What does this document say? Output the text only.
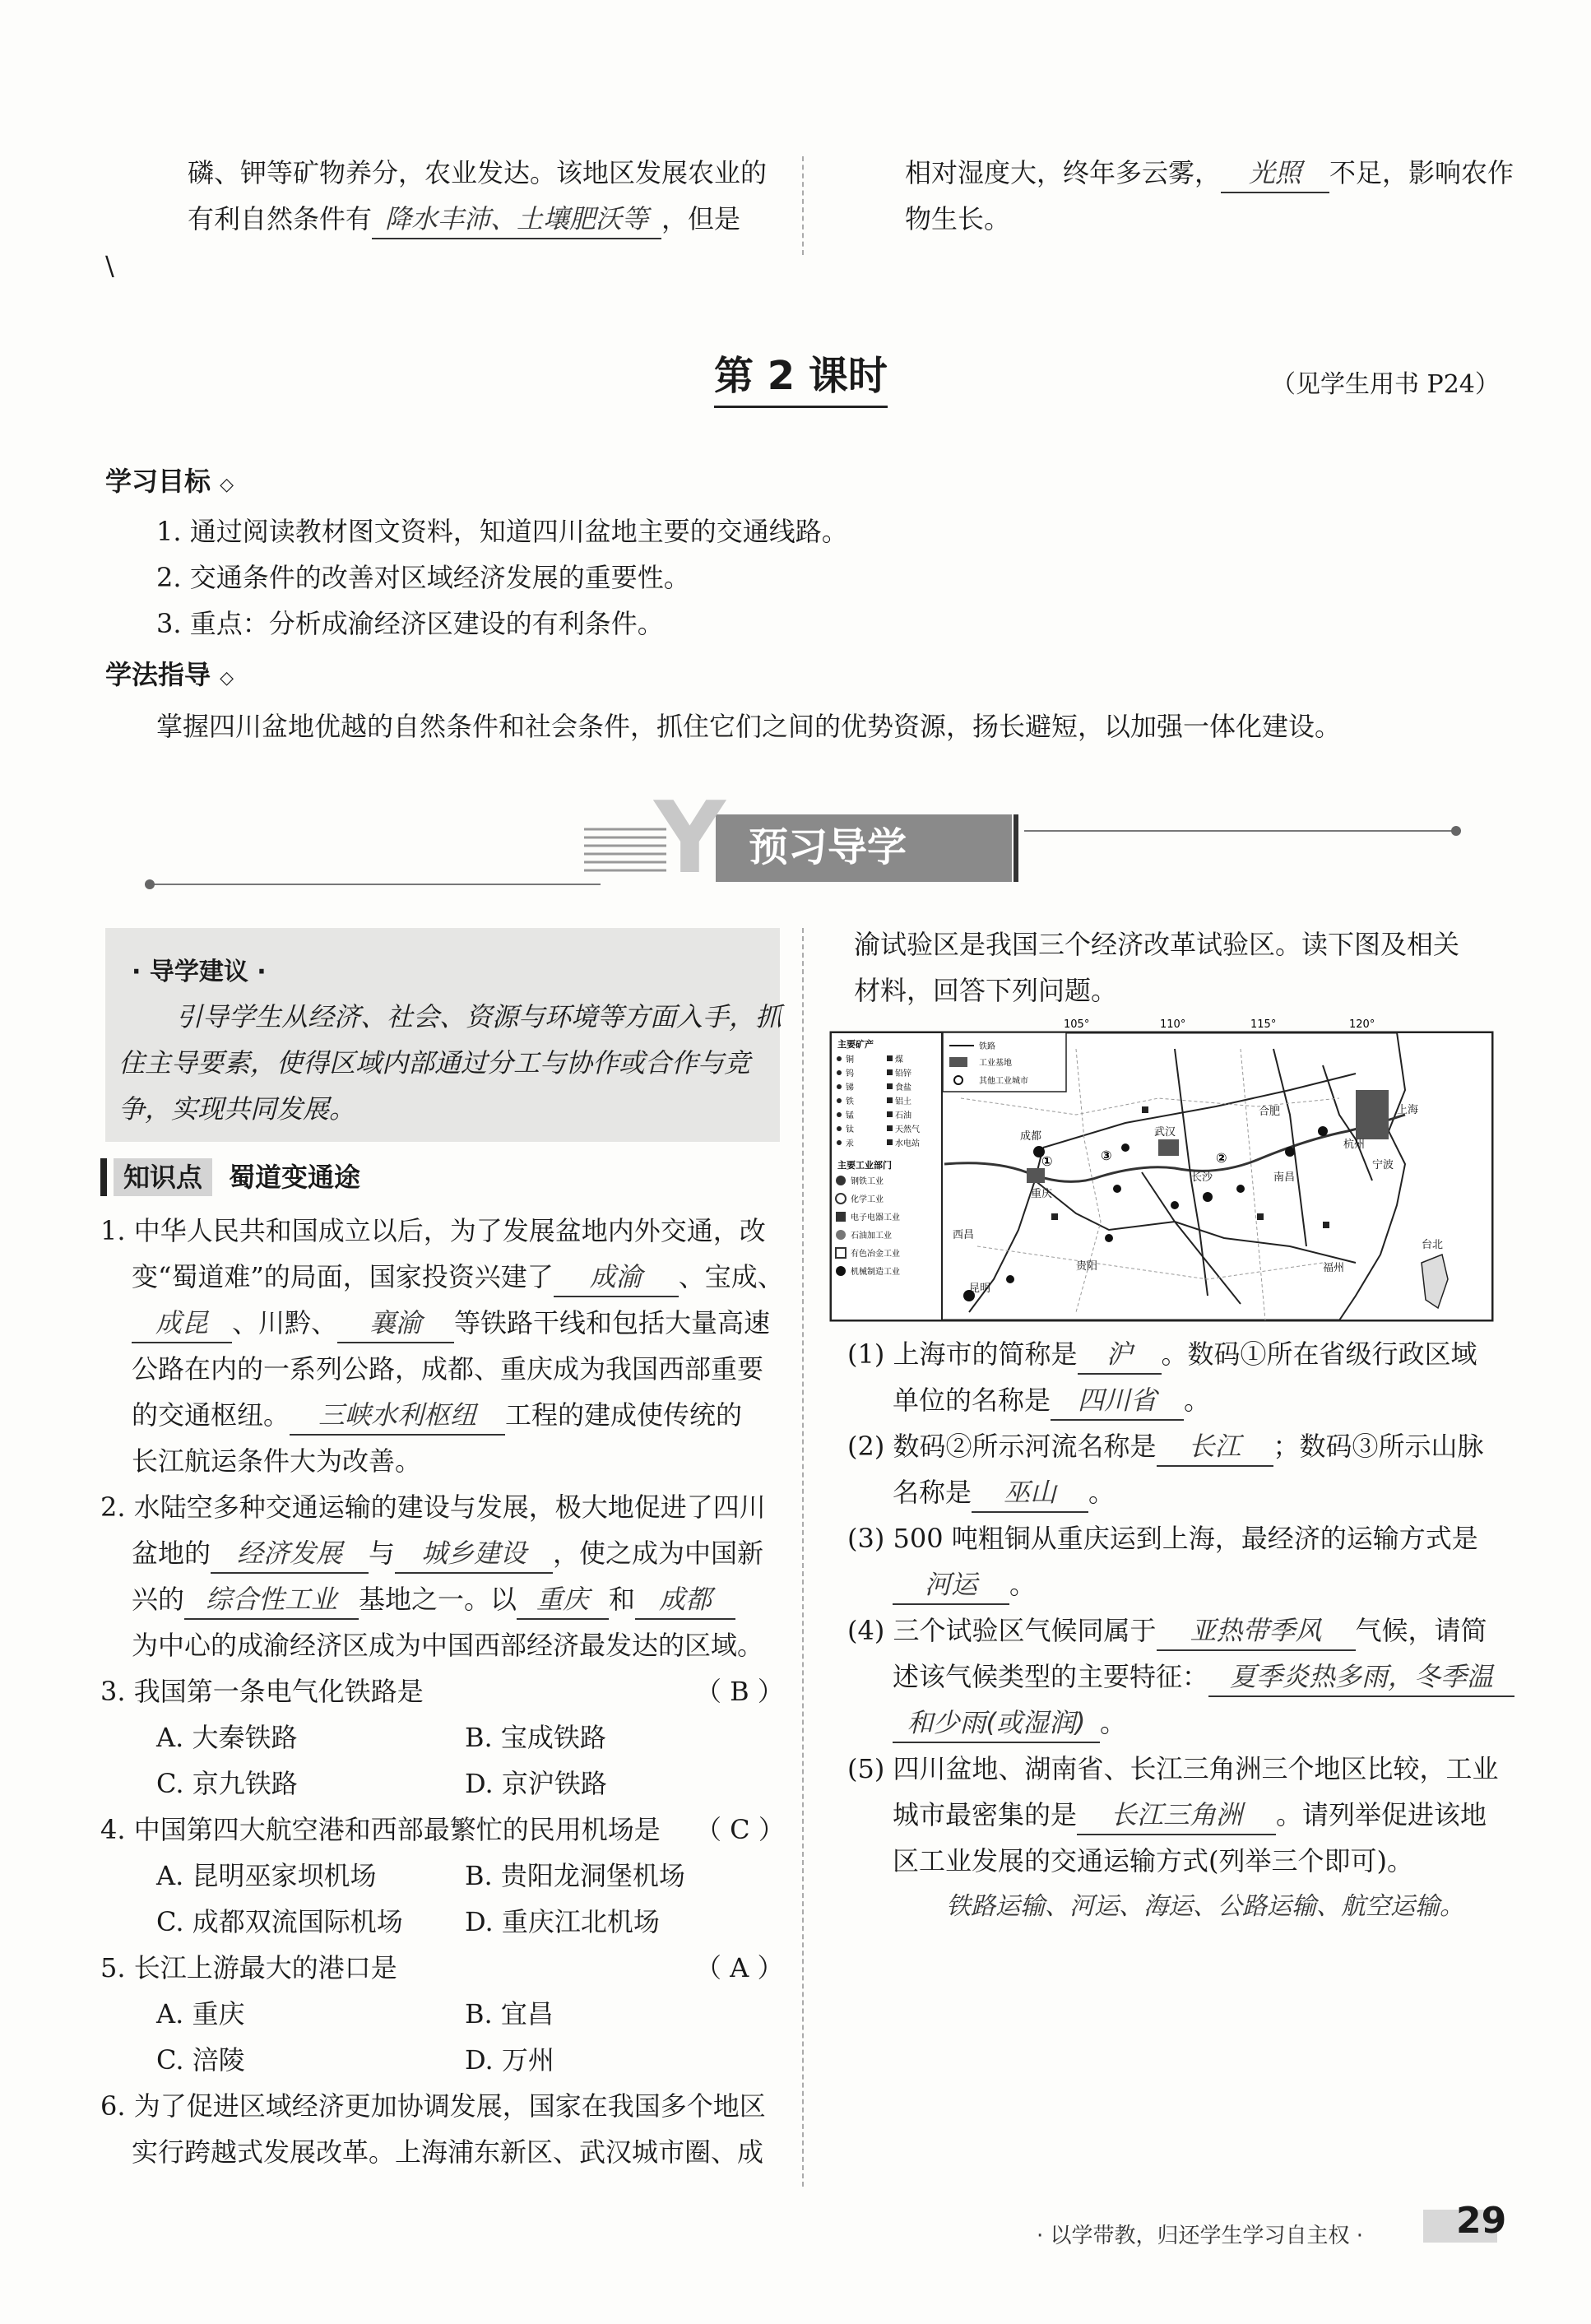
磷、钾等矿物养分，农业发达。该地区发展农业的
有利自然条件有 降水丰沛、土壤肥沃等 ，但是
\
相对湿度大，终年多云雾， 光照 不足，影响农作
物生长。
第 2 课时	（见学生用书 P24）
学习目标 ◇
1. 通过阅读教材图文资料，知道四川盆地主要的交通线路。
2. 交通条件的改善对区域经济发展的重要性。
3. 重点：分析成渝经济区建设的有利条件。
学法指导 ◇
掌握四川盆地优越的自然条件和社会条件，抓住它们之间的优势资源，扬长避短，以加强一体化建设。
Y 预习导学
· 导学建议 ·
引导学生从经济、社会、资源与环境等方面入手，抓
住主导要素，使得区域内部通过分工与协作或合作与竞
争，实现共同发展。
知识点 蜀道变通途
1. 中华人民共和国成立以后，为了发展盆地内外交通，改
变“蜀道难”的局面，国家投资兴建了 成渝 、宝成、
成昆 、川黔、 襄渝 等铁路干线和包括大量高速
公路在内的一系列公路，成都、重庆成为我国西部重要
的交通枢纽。 三峡水利枢纽 工程的建成使传统的
长江航运条件大为改善。
2. 水陆空多种交通运输的建设与发展，极大地促进了四川
盆地的 经济发展 与 城乡建设 ，使之成为中国新
兴的 综合性工业 基地之一。以 重庆 和 成都
为中心的成渝经济区成为中国西部经济最发达的区域。
3. 我国第一条电气化铁路是	（ B ）
A. 大秦铁路	B. 宝成铁路
C. 京九铁路	D. 京沪铁路
4. 中国第四大航空港和西部最繁忙的民用机场是 （ C ）
A. 昆明巫家坝机场	B. 贵阳龙洞堡机场
C. 成都双流国际机场 D. 重庆江北机场
5. 长江上游最大的港口是	（ A ）
A. 重庆	B. 宜昌
C. 涪陵	D. 万州
6. 为了促进区域经济更加协调发展，国家在我国多个地区
实行跨越式发展改革。上海浦东新区、武汉城市圈、成
渝试验区是我国三个经济改革试验区。读下图及相关
材料，回答下列问题。
105°	110°	115°	120°
主要矿产
铜	煤
钨	铅锌
锑	食盐
铁	铝土
锰	石油
钛	天然气
汞	水电站
主要工业部门
钢铁工业
化学工业
电子电器工业
石油加工业
有色冶金工业
机械制造工业
铁路
工业基地
其他工业城市
成都
重庆
武汉
合肥	上海
杭州
宁波
长沙	南昌
贵阳
昆明
福州
台北
西昌
①	②
③
(1) 上海市的简称是 沪 。数码①所在省级行政区域
单位的名称是 四川省 。
(2) 数码②所示河流名称是 长江 ；数码③所示山脉
名称是 巫山 。
(3) 500 吨粗铜从重庆运到上海，最经济的运输方式是
河运 。
(4) 三个试验区气候同属于 亚热带季风 气候，请简
述该气候类型的主要特征： 夏季炎热多雨，冬季温
和少雨(或湿润) 。
(5) 四川盆地、湖南省、长江三角洲三个地区比较，工业
城市最密集的是 长江三角洲 。请列举促进该地
区工业发展的交通运输方式(列举三个即可)。
铁路运输、河运、海运、公路运输、航空运输。
· 以学带教，归还学生学习自主权 ·	29
